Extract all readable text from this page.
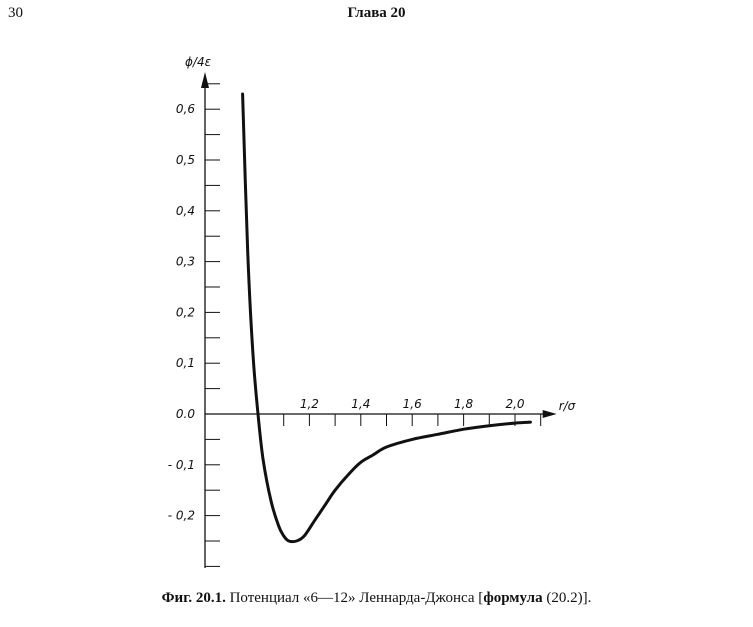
30	Глава 20
0,6
0,5
0,4
0,3
0,2
0,1
0.0
- 0,1
- 0,2
1,2	1,4	1,6	1,8	2,0
ϕ/4ε
r/σ
Фиг. 20.1. Потенциал «6—12» Леннарда-Джонса [формула (20.2)].
